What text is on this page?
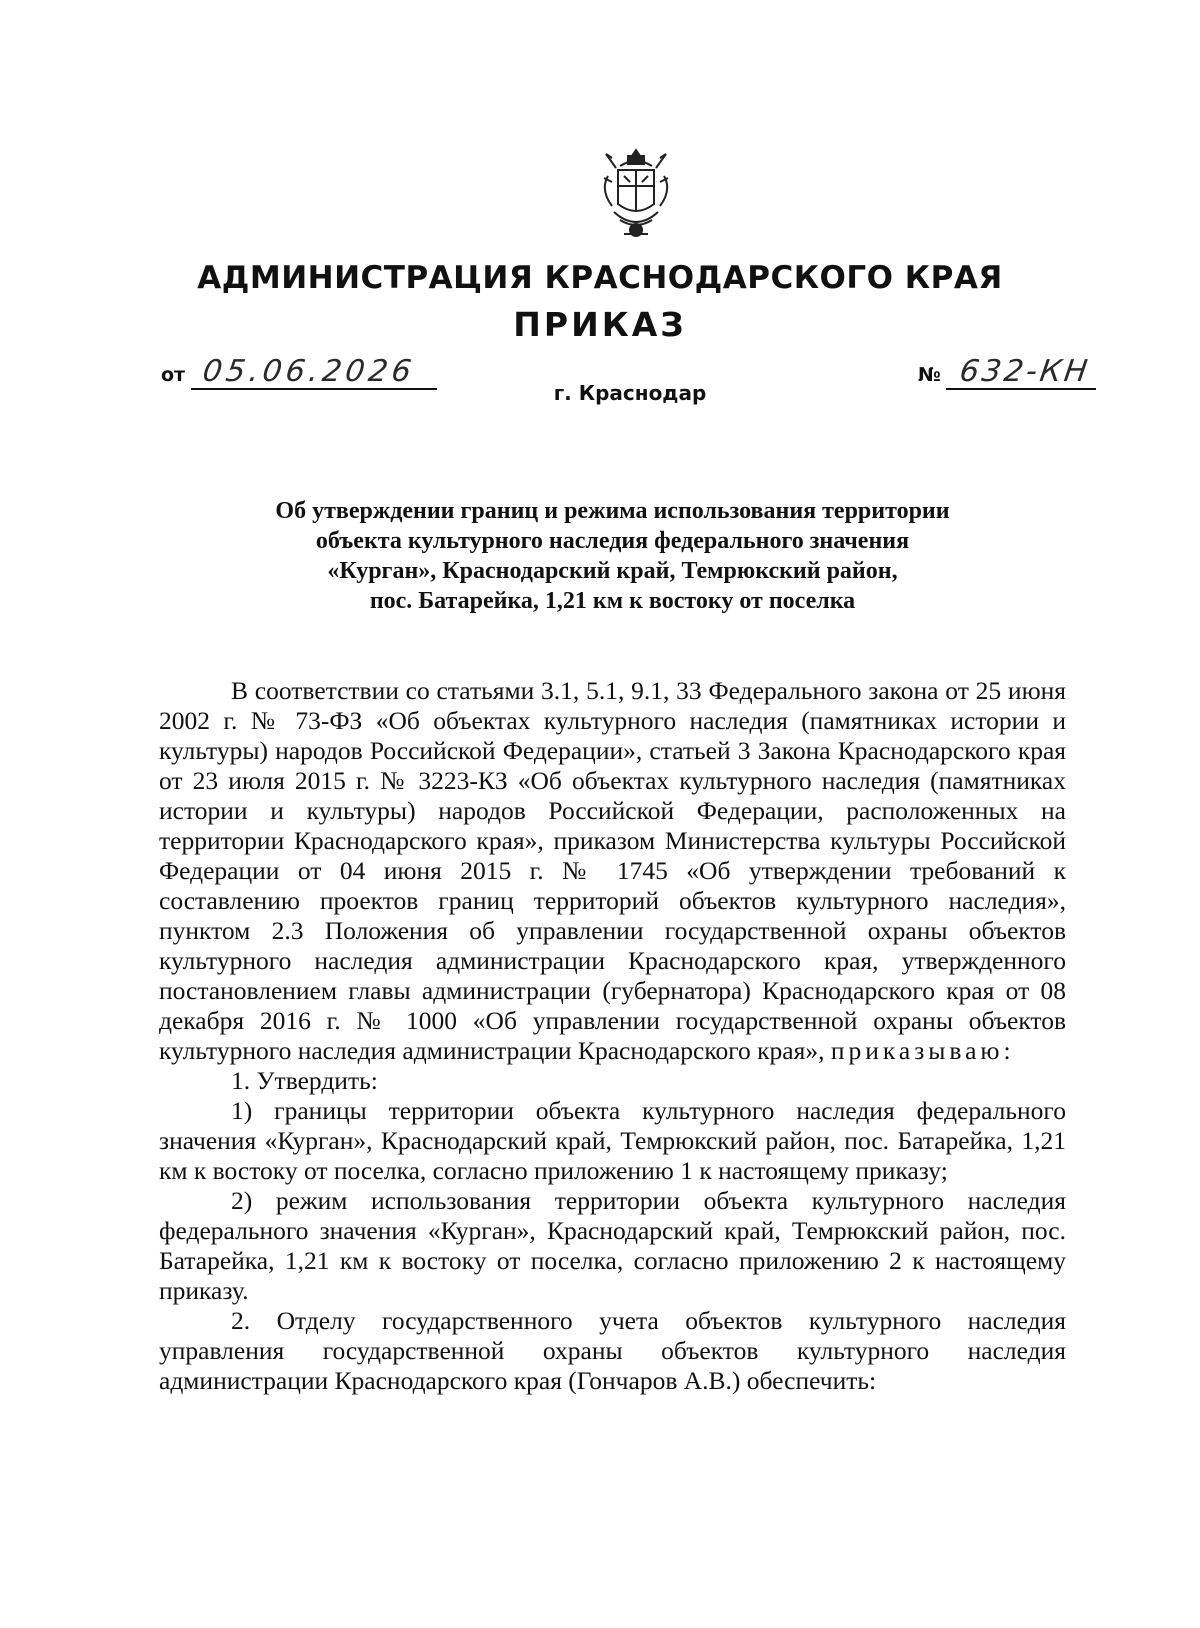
АДМИНИСТРАЦИЯ КРАСНОДАРСКОГО КРАЯ
ПРИКАЗ
от 05.06.2026	№ 632-КН
г. Краснодар
Об утверждении границ и режима использования территории
объекта культурного наследия федерального значения
«Курган», Краснодарский край, Темрюкский район,
пос. Батарейка, 1,21 км к востоку от поселка

В соответствии со статьями 3.1, 5.1, 9.1, 33 Федерального закона от 25 июня 2002 г. № 73-ФЗ «Об объектах культурного наследия (памятниках истории и культуры) народов Российской Федерации», статьей 3 Закона Краснодарского края от 23 июля 2015 г. № 3223-КЗ «Об объектах культурного наследия (памятниках истории и культуры) народов Российской Федерации, расположенных на территории Краснодарского края», приказом Министерства культуры Российской Федерации от 04 июня 2015 г. № 1745 «Об утверждении требований к составлению проектов границ территорий объектов культурного наследия», пунктом 2.3 Положения об управлении государственной охраны объектов культурного наследия администрации Краснодарского края, утвержденного постановлением главы администрации (губернатора) Краснодарского края от 08 декабря 2016 г. № 1000 «Об управлении государственной охраны объектов культурного наследия администрации Краснодарского края», приказываю:

1. Утвердить:

1) границы территории объекта культурного наследия федерального значения «Курган», Краснодарский край, Темрюкский район, пос. Батарейка, 1,21 км к востоку от поселка, согласно приложению 1 к настоящему приказу;

2) режим использования территории объекта культурного наследия федерального значения «Курган», Краснодарский край, Темрюкский район, пос. Батарейка, 1,21 км к востоку от поселка, согласно приложению 2 к настоящему приказу.

2. Отделу государственного учета объектов культурного наследия управления государственной охраны объектов культурного наследия администрации Краснодарского края (Гончаров А.В.) обеспечить:
